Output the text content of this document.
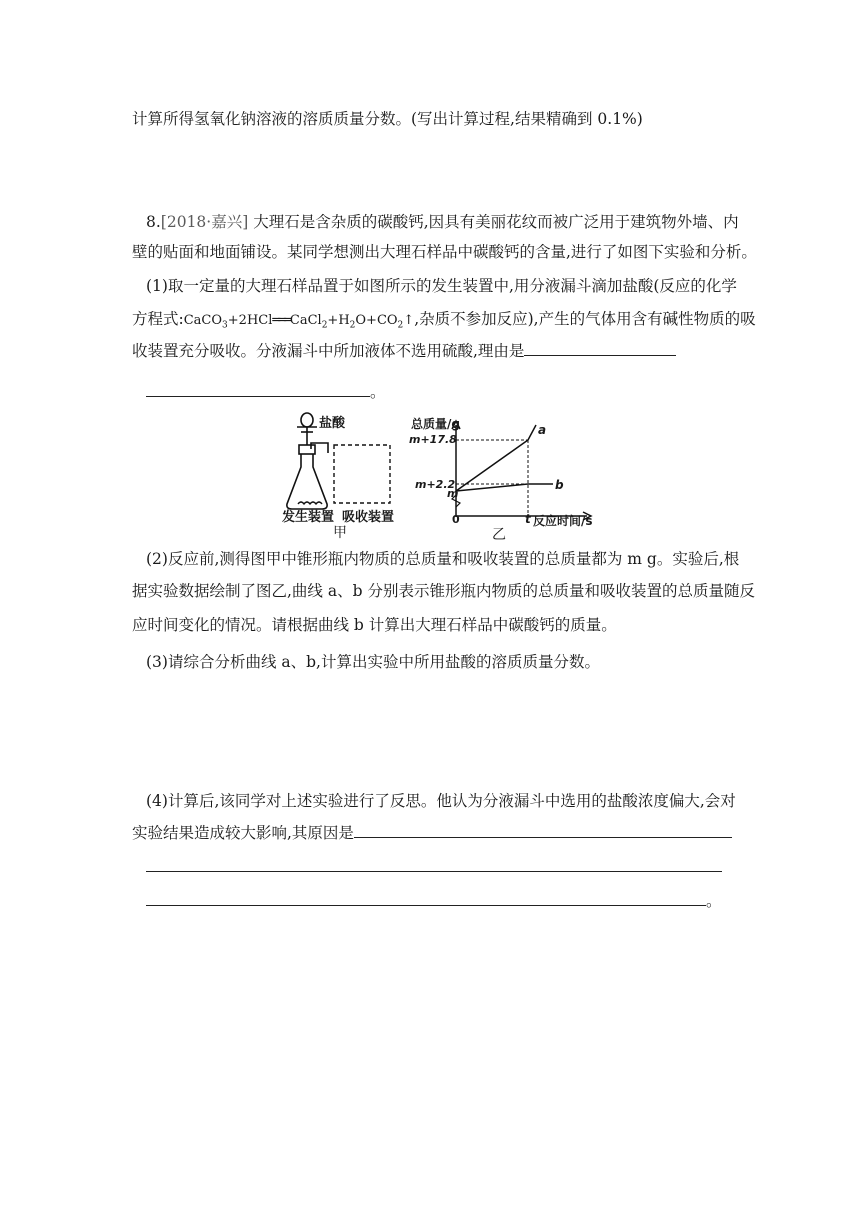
计算所得氢氧化钠溶液的溶质质量分数。(写出计算过程,结果精确到 0.1%)
8.[2018·嘉兴] 大理石是含杂质的碳酸钙,因具有美丽花纹而被广泛用于建筑物外墙、内
壁的贴面和地面铺设。某同学想测出大理石样品中碳酸钙的含量,进行了如图下实验和分析。
(1)取一定量的大理石样品置于如图所示的发生装置中,用分液漏斗滴加盐酸(反应的化学
方程式$:CaCO_3+2HCl═══CaCl_2+H_2O+CO_2↑$,杂质不参加反应),产生的气体用含有碱性物质的吸
收装置充分吸收。分液漏斗中所加液体不选用硫酸,理由是
。
盐酸
发生装置 吸收装置
甲
总质量/g
m+17.8
m+2.2
m
0	t 反应时间/s
a
b
乙
(2)反应前,测得图甲中锥形瓶内物质的总质量和吸收装置的总质量都为 m g。实验后,根
据实验数据绘制了图乙,曲线 a、b 分别表示锥形瓶内物质的总质量和吸收装置的总质量随反
应时间变化的情况。请根据曲线 b 计算出大理石样品中碳酸钙的质量。
(3)请综合分析曲线 a、b,计算出实验中所用盐酸的溶质质量分数。
(4)计算后,该同学对上述实验进行了反思。他认为分液漏斗中选用的盐酸浓度偏大,会对
实验结果造成较大影响,其原因是
。
